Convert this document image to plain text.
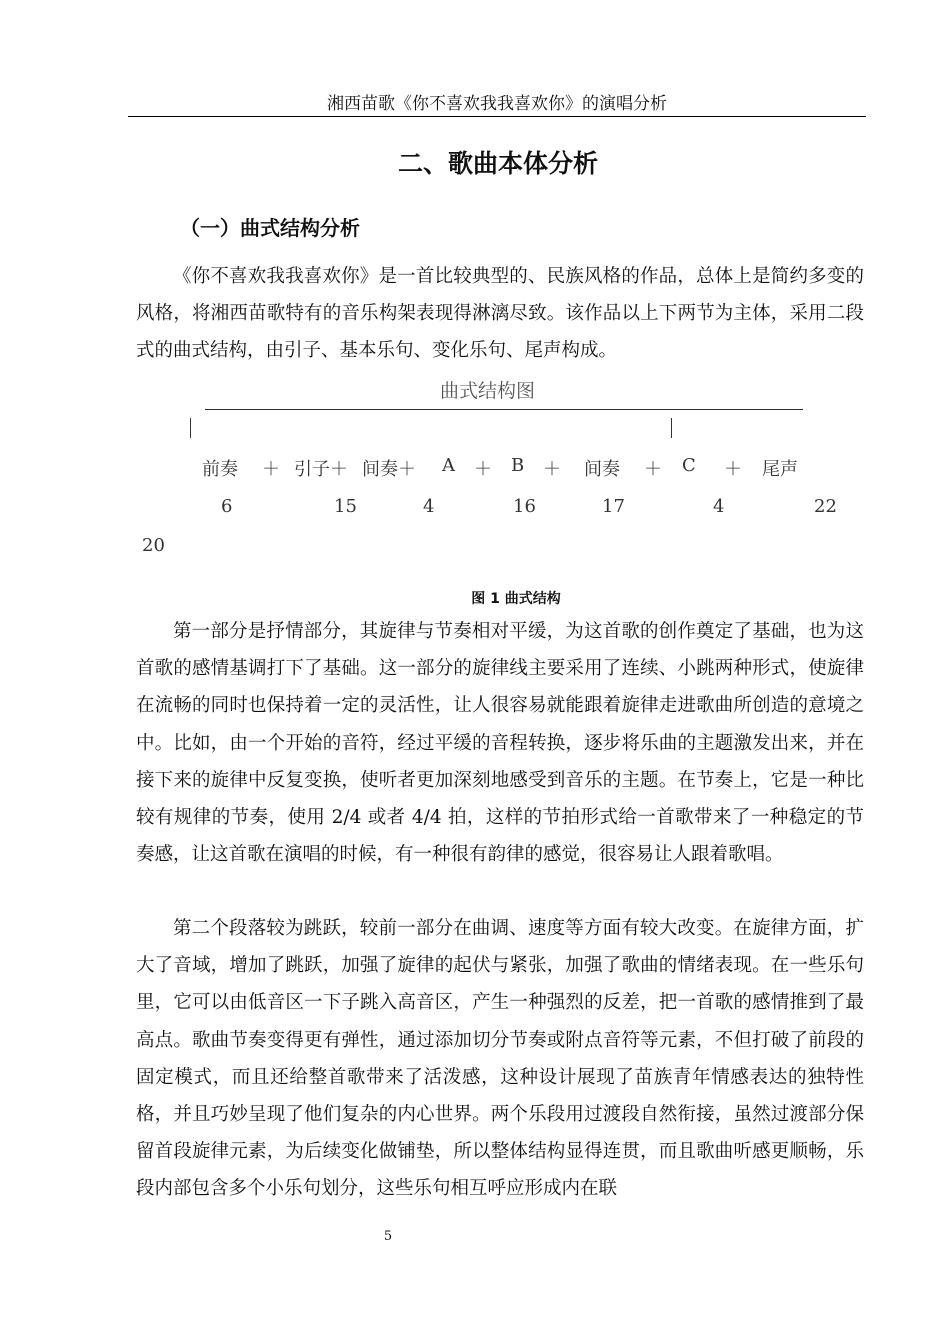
湘西苗歌《你不喜欢我我喜欢你》的演唱分析
二、歌曲本体分析
（一）曲式结构分析

《你不喜欢我我喜欢你》是一首比较典型的、民族风格的作品，总体上是简约多变的风格，将湘西苗歌特有的音乐构架表现得淋漓尽致。该作品以上下两节为主体，采用二段式的曲式结构，由引子、基本乐句、变化乐句、尾声构成。

曲式结构图
前奏 ＋ 引子＋ 间奏＋ A ＋ B ＋ 间奏 ＋ C ＋ 尾声
6	15	4	16	17	4	22
20
图 1 曲式结构

第一部分是抒情部分，其旋律与节奏相对平缓，为这首歌的创作奠定了基础，也为这首歌的感情基调打下了基础。这一部分的旋律线主要采用了连续、小跳两种形式，使旋律在流畅的同时也保持着一定的灵活性，让人很容易就能跟着旋律走进歌曲所创造的意境之中。比如，由一个开始的音符，经过平缓的音程转换，逐步将乐曲的主题激发出来，并在接下来的旋律中反复变换，使听者更加深刻地感受到音乐的主题。在节奏上，它是一种比较有规律的节奏，使用 2/4 或者 4/4 拍，这样的节拍形式给一首歌带来了一种稳定的节奏感，让这首歌在演唱的时候，有一种很有韵律的感觉，很容易让人跟着歌唱。

第二个段落较为跳跃，较前一部分在曲调、速度等方面有较大改变。在旋律方面，扩大了音域，增加了跳跃，加强了旋律的起伏与紧张，加强了歌曲的情绪表现。在一些乐句里，它可以由低音区一下子跳入高音区，产生一种强烈的反差，把一首歌的感情推到了最高点。歌曲节奏变得更有弹性，通过添加切分节奏或附点音符等元素，不但打破了前段的固定模式，而且还给整首歌带来了活泼感，这种设计展现了苗族青年情感表达的独特性格，并且巧妙呈现了他们复杂的内心世界。两个乐段用过渡段自然衔接，虽然过渡部分保留首段旋律元素，为后续变化做铺垫，所以整体结构显得连贯，而且歌曲听感更顺畅，乐段内部包含多个小乐句划分，这些乐句相互呼应形成内在联

5
